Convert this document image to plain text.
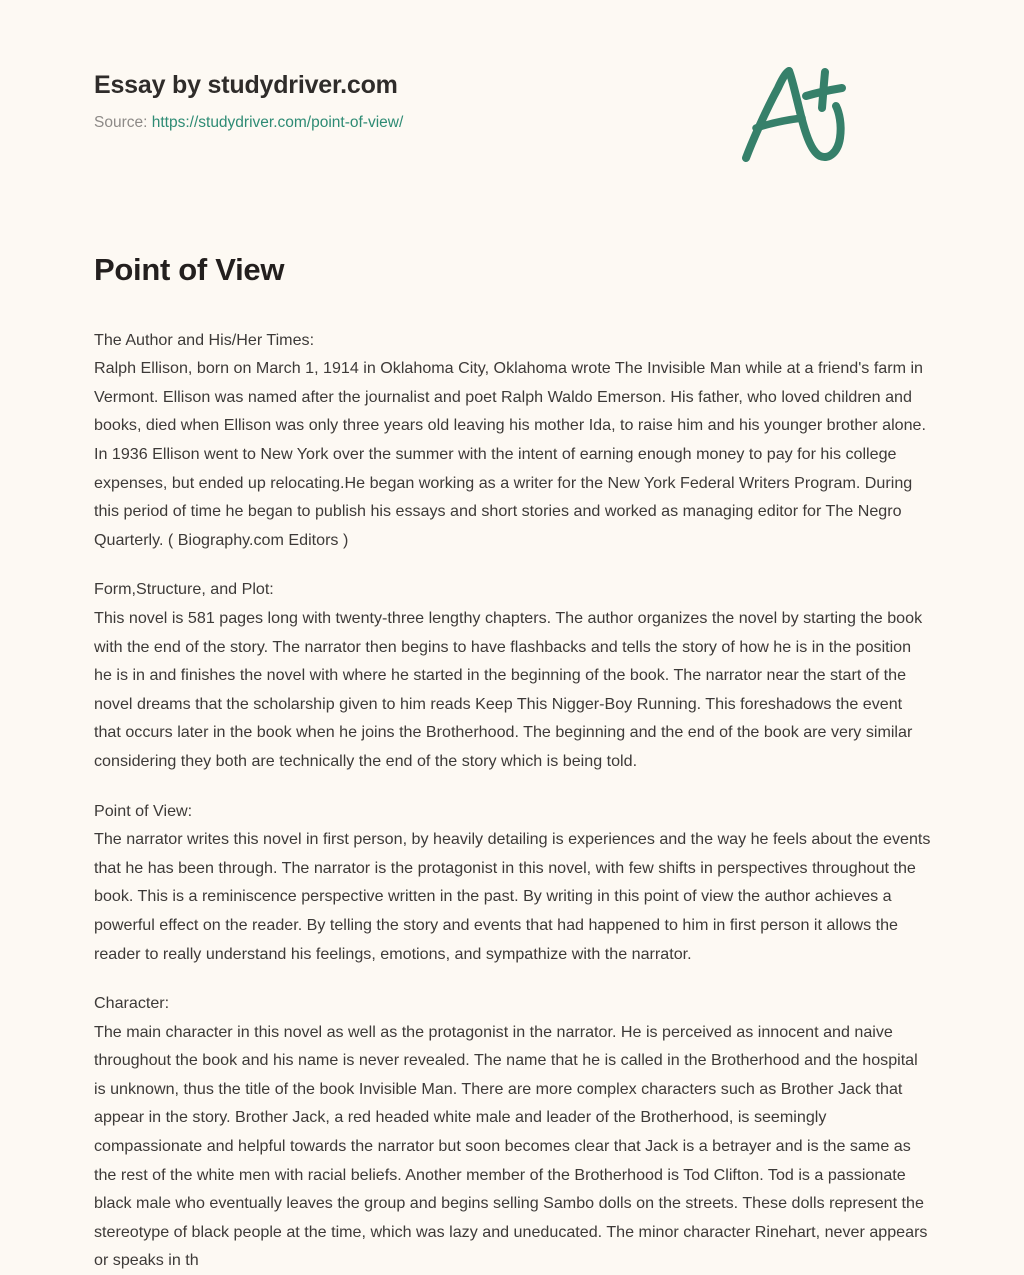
Essay by studydriver.com
Source: https://studydriver.com/point-of-view/
Point of View

The Author and His/Her Times:
Ralph Ellison, born on March 1, 1914 in Oklahoma City, Oklahoma wrote The Invisible Man while at a friend's farm in Vermont. Ellison was named after the journalist and poet Ralph Waldo Emerson. His father, who loved children and books, died when Ellison was only three years old leaving his mother Ida, to raise him and his younger brother alone. In 1936 Ellison went to New York over the summer with the intent of earning enough money to pay for his college expenses, but ended up relocating.He began working as a writer for the New York Federal Writers Program. During this period of time he began to publish his essays and short stories and worked as managing editor for The Negro Quarterly. ( Biography.com Editors )

Form,Structure, and Plot:
This novel is 581 pages long with twenty-three lengthy chapters. The author organizes the novel by starting the book with the end of the story. The narrator then begins to have flashbacks and tells the story of how he is in the position he is in and finishes the novel with where he started in the beginning of the book. The narrator near the start of the novel dreams that the scholarship given to him reads Keep This Nigger-Boy Running. This foreshadows the event that occurs later in the book when he joins the Brotherhood. The beginning and the end of the book are very similar considering they both are technically the end of the story which is being told.

Point of View:
The narrator writes this novel in first person, by heavily detailing is experiences and the way he feels about the events that he has been through. The narrator is the protagonist in this novel, with few shifts in perspectives throughout the book. This is a reminiscence perspective written in the past. By writing in this point of view the author achieves a powerful effect on the reader. By telling the story and events that had happened to him in first person it allows the reader to really understand his feelings, emotions, and sympathize with the narrator.

Character:
The main character in this novel as well as the protagonist in the narrator. He is perceived as innocent and naive throughout the book and his name is never revealed. The name that he is called in the Brotherhood and the hospital is unknown, thus the title of the book Invisible Man. There are more complex characters such as Brother Jack that appear in the story. Brother Jack, a red headed white male and leader of the Brotherhood, is seemingly compassionate and helpful towards the narrator but soon becomes clear that Jack is a betrayer and is the same as the rest of the white men with racial beliefs. Another member of the Brotherhood is Tod Clifton. Tod is a passionate black male who eventually leaves the group and begins selling Sambo dolls on the streets. These dolls represent the stereotype of black people at the time, which was lazy and uneducated. The minor character Rinehart, never appears or speaks in th
